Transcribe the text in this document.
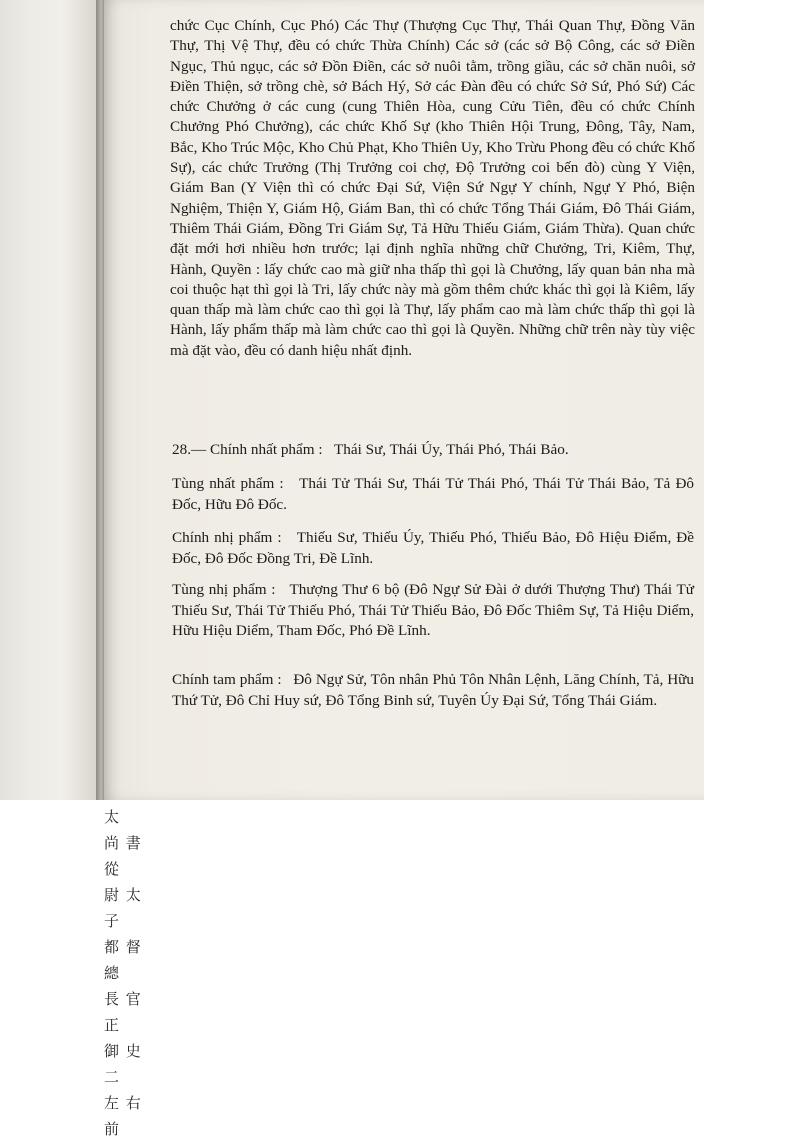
太
尚 書 從
尉 太 子
都 督 總
長 官 正
御 史 二
左 右 前

chức Cục Chính, Cục Phó) Các Thự (Thượng Cục Thự, Thái Quan Thự, Đồng Văn Thự, Thị Vệ Thự, đều có chức Thừa Chính) Các sở (các sở Bộ Công, các sở Điền Ngục, Thủ ngục, các sở Đồn Điền, các sở nuôi tằm, trồng giầu, các sở chăn nuôi, sở Điền Thiện, sở trồng chè, sở Bách Hý, Sở các Đàn đều có chức Sở Sứ, Phó Sứ) Các chức Chưởng ở các cung (cung Thiên Hòa, cung Cửu Tiên, đều có chức Chính Chưởng Phó Chưởng), các chức Khố Sự (kho Thiên Hội Trung, Đông, Tây, Nam, Bắc, Kho Trúc Mộc, Kho Chủ Phạt, Kho Thiên Uy, Kho Trừu Phong đều có chức Khố Sự), các chức Trưởng (Thị Trưởng coi chợ, Độ Trưởng coi bến đò) cùng Y Viện, Giám Ban (Y Viện thì có chức Đại Sứ, Viện Sứ Ngự Y chính, Ngự Y Phó, Biện Nghiệm, Thiện Y, Giám Hộ, Giám Ban, thì có chức Tổng Thái Giám, Đô Thái Giám, Thiêm Thái Giám, Đồng Tri Giám Sự, Tả Hữu Thiếu Giám, Giám Thừa). Quan chức đặt mới hơi nhiều hơn trước; lại định nghĩa những chữ Chưởng, Tri, Kiêm, Thự, Hành, Quyền : lấy chức cao mà giữ nha thấp thì gọi là Chưởng, lấy quan bản nha mà coi thuộc hạt thì gọi là Tri, lấy chức này mà gồm thêm chức khác thì gọi là Kiêm, lấy quan thấp mà làm chức cao thì gọi là Thự, lấy phẩm cao mà làm chức thấp thì gọi là Hành, lấy phẩm thấp mà làm chức cao thì gọi là Quyền. Những chữ trên này tùy việc mà đặt vào, đều có danh hiệu nhất định.

28.— Chính nhất phẩm : Thái Sư, Thái Úy, Thái Phó, Thái Bảo.

Tùng nhất phẩm : Thái Tử Thái Sư, Thái Tử Thái Phó, Thái Tử Thái Bảo, Tả Đô Đốc, Hữu Đô Đốc.

Chính nhị phẩm : Thiếu Sư, Thiếu Úy, Thiếu Phó, Thiếu Bảo, Đô Hiệu Điểm, Đề Đốc, Đô Đốc Đồng Tri, Đề Lĩnh.

Tùng nhị phẩm : Thượng Thư 6 bộ (Đô Ngự Sử Đài ở dưới Thượng Thư) Thái Tử Thiếu Sư, Thái Tử Thiếu Phó, Thái Tử Thiếu Bảo, Đô Đốc Thiêm Sự, Tả Hiệu Diểm, Hữu Hiệu Diểm, Tham Đốc, Phó Đề Lĩnh.

Chính tam phẩm : Đô Ngự Sử, Tôn nhân Phủ Tôn Nhân Lệnh, Lăng Chính, Tả, Hữu Thứ Tử, Đô Chỉ Huy sứ, Đô Tổng Binh sứ, Tuyên Úy Đại Sứ, Tổng Thái Giám.
